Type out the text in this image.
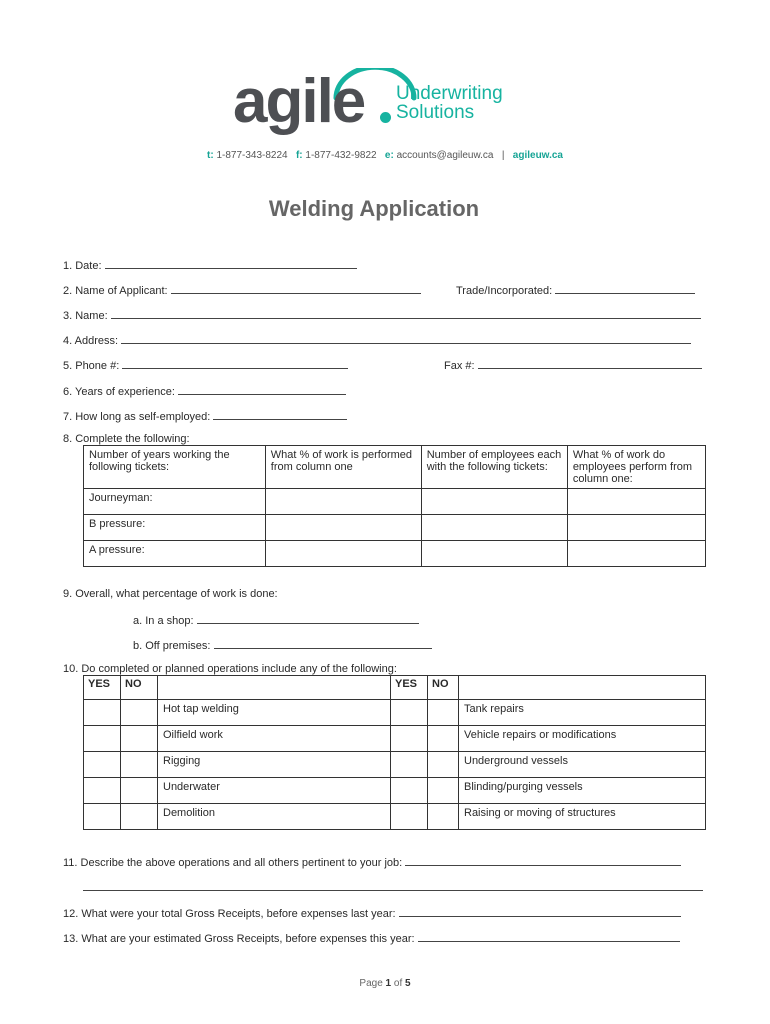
agile Underwriting
Solutions
t: 1-877-343-8224 f: 1-877-432-9822 e: accounts@agileuw.ca | agileuw.ca
Welding Application
1. Date:
2. Name of Applicant:	Trade/Incorporated:
3. Name:
4. Address:
5. Phone #:	Fax #:
6. Years of experience:
7. How long as self-employed:
8. Complete the following:
Number of years working the following tickets:	What % of work is performed from column one	Number of employees each with the following tickets:	What % of work do employees perform from column one:
Journeyman:			
B pressure:			
A pressure:			
9. Overall, what percentage of work is done:
a. In a shop:
b. Off premises:
10. Do completed or planned operations include any of the following:
YES	NO		YES	NO	
		Hot tap welding			Tank repairs
		Oilfield work			Vehicle repairs or modifications
		Rigging			Underground vessels
		Underwater			Blinding/purging vessels
		Demolition			Raising or moving of structures
11. Describe the above operations and all others pertinent to your job:
12. What were your total Gross Receipts, before expenses last year:
13. What are your estimated Gross Receipts, before expenses this year:
Page 1 of 5
